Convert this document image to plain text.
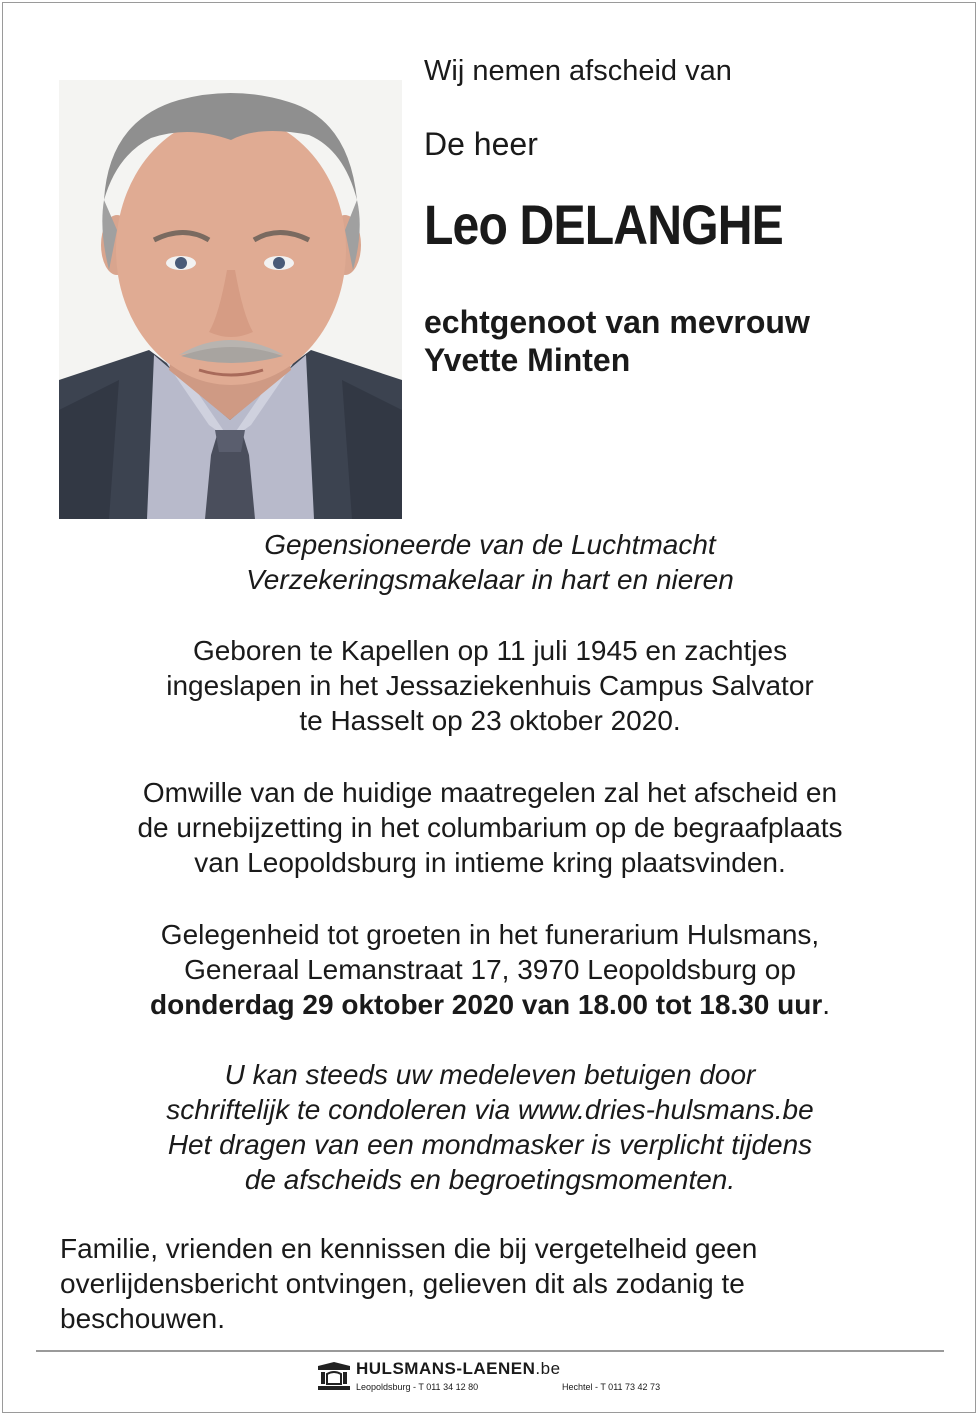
Wij nemen afscheid van
De heer
Leo DELANGHE
echtgenoot van mevrouw
Yvette Minten
Gepensioneerde van de Luchtmacht
Verzekeringsmakelaar in hart en nieren
Geboren te Kapellen op 11 juli 1945 en zachtjes
ingeslapen in het Jessaziekenhuis Campus Salvator
te Hasselt op 23 oktober 2020.
Omwille van de huidige maatregelen zal het afscheid en
de urnebijzetting in het columbarium op de begraafplaats
van Leopoldsburg in intieme kring plaatsvinden.
Gelegenheid tot groeten in het funerarium Hulsmans,
Generaal Lemanstraat 17, 3970 Leopoldsburg op
donderdag 29 oktober 2020 van 18.00 tot 18.30 uur.
U kan steeds uw medeleven betuigen door
schriftelijk te condoleren via www.dries-hulsmans.be
Het dragen van een mondmasker is verplicht tijdens
de afscheids en begroetingsmomenten.
Familie, vrienden en kennissen die bij vergetelheid geen
overlijdensbericht ontvingen, gelieven dit als zodanig te
beschouwen.
HULSMANS-LAENEN.be
Leopoldsburg - T 011 34 12 80	Hechtel - T 011 73 42 73
